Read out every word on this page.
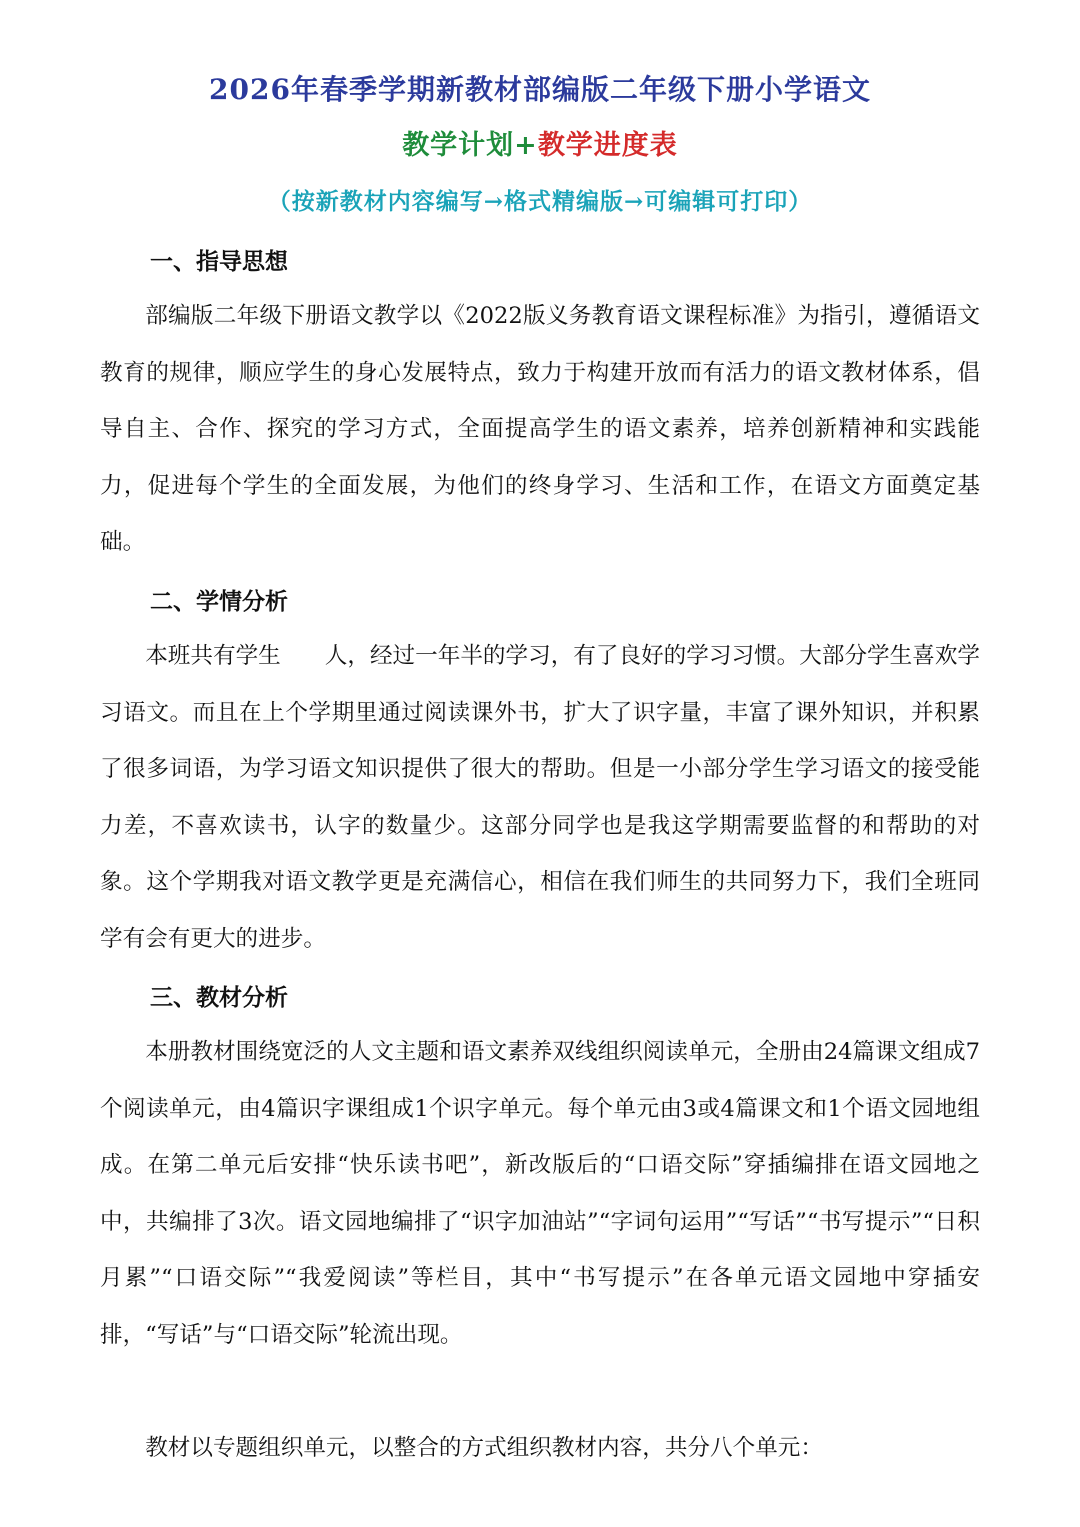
2026年春季学期新教材部编版二年级下册小学语文
教学计划+教学进度表
（按新教材内容编写→格式精编版→可编辑可打印）
一、指导思想

部编版二年级下册语文教学以《2022版义务教育语文课程标准》为指引，遵循语文教育的规律，顺应学生的身心发展特点，致力于构建开放而有活力的语文教材体系，倡导自主、合作、探究的学习方式，全面提高学生的语文素养，培养创新精神和实践能力，促进每个学生的全面发展，为他们的终身学习、生活和工作，在语文方面奠定基础。

二、学情分析

本班共有学生 人，经过一年半的学习，有了良好的学习习惯。大部分学生喜欢学习语文。而且在上个学期里通过阅读课外书，扩大了识字量，丰富了课外知识，并积累了很多词语，为学习语文知识提供了很大的帮助。但是一小部分学生学习语文的接受能力差，不喜欢读书，认字的数量少。这部分同学也是我这学期需要监督的和帮助的对象。这个学期我对语文教学更是充满信心，相信在我们师生的共同努力下，我们全班同学有会有更大的进步。

三、教材分析

本册教材围绕宽泛的人文主题和语文素养双线组织阅读单元，全册由24篇课文组成7个阅读单元，由4篇识字课组成1个识字单元。每个单元由3或4篇课文和1个语文园地组成。在第二单元后安排“快乐读书吧”，新改版后的“口语交际”穿插编排在语文园地之中，共编排了3次。语文园地编排了“识字加油站”“字词句运用”“写话”“书写提示”“日积月累”“口语交际”“我爱阅读”等栏目，其中“书写提示”在各单元语文园地中穿插安排，“写话”与“口语交际”轮流出现。

教材以专题组织单元，以整合的方式组织教材内容，共分八个单元：
